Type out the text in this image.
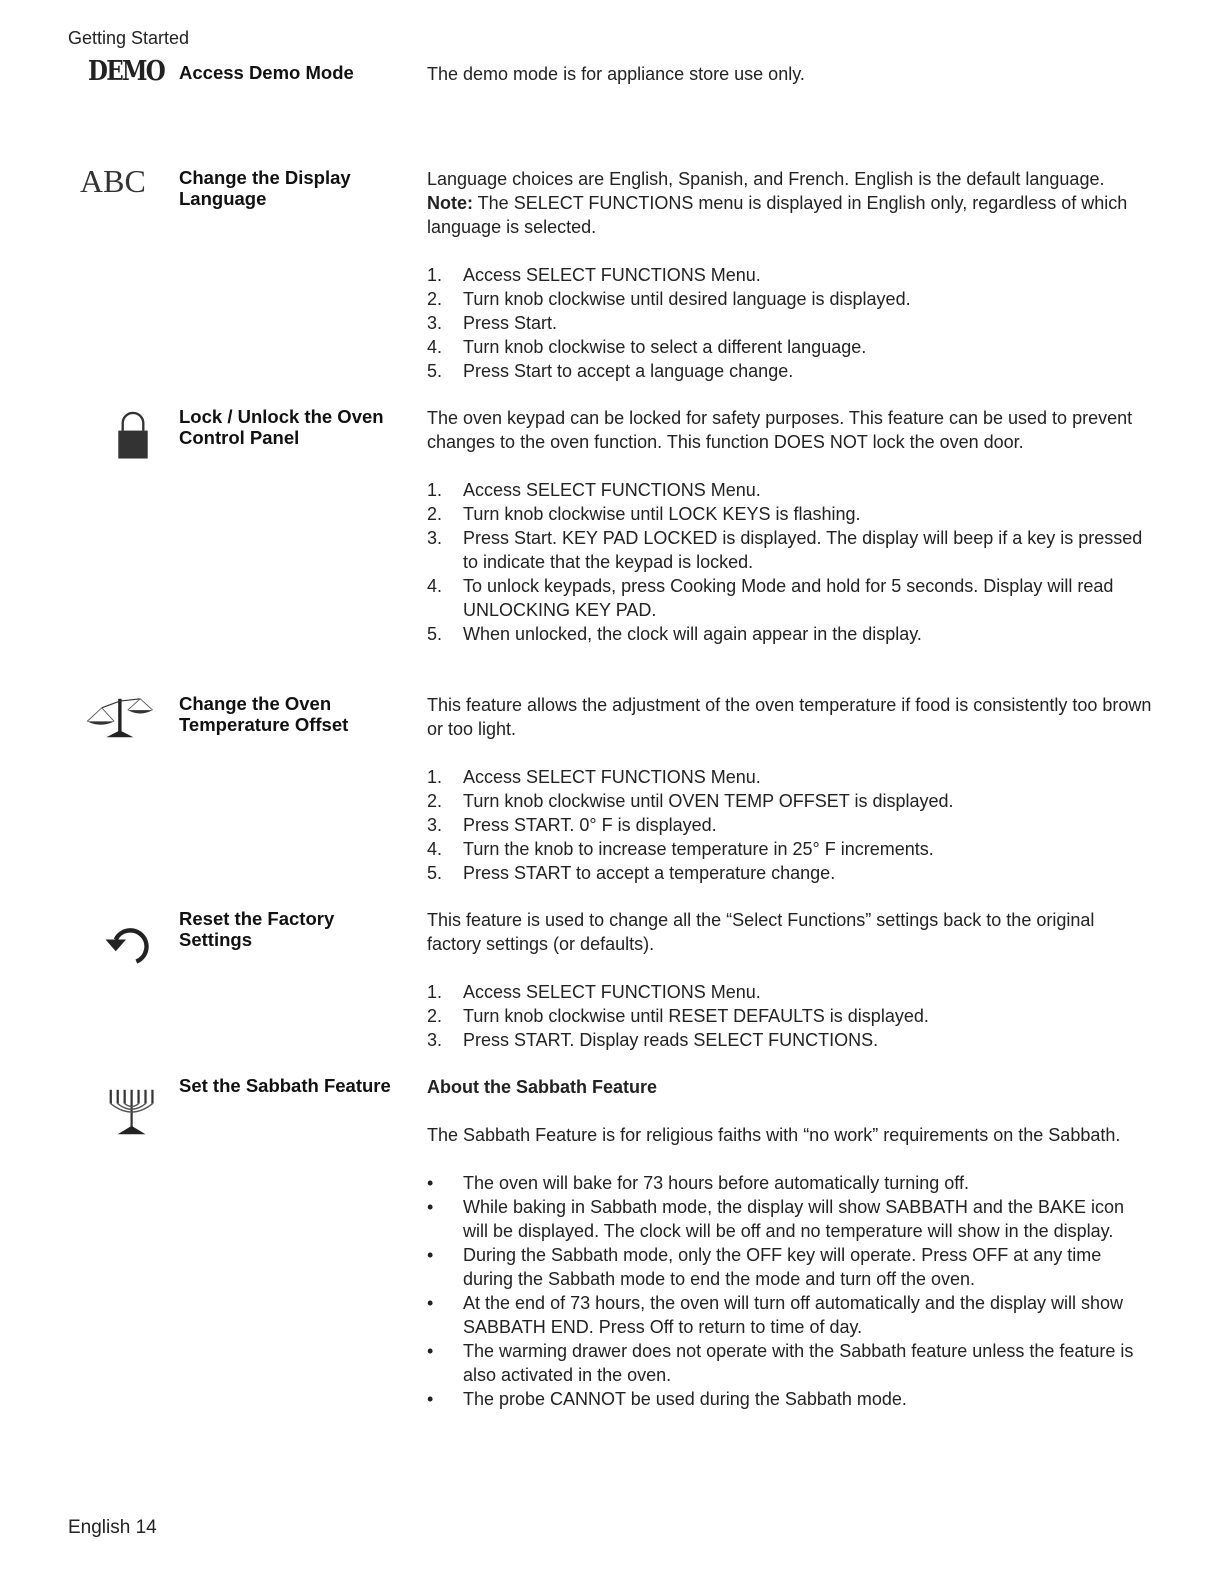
Getting Started
DEMO Access Demo Mode	The demo mode is for appliance store use only.

ABC Change the Display Language

Language choices are English, Spanish, and French. English is the default language. Note: The SELECT FUNCTIONS menu is displayed in English only, regardless of which language is selected.

1. Access SELECT FUNCTIONS Menu.
2. Turn knob clockwise until desired language is displayed.
3. Press Start.
4. Turn knob clockwise to select a different language.
5. Press Start to accept a language change.
Lock / Unlock the Oven Control Panel

The oven keypad can be locked for safety purposes. This feature can be used to prevent changes to the oven function. This function DOES NOT lock the oven door.

1. Access SELECT FUNCTIONS Menu.
2. Turn knob clockwise until LOCK KEYS is flashing.
3. Press Start. KEY PAD LOCKED is displayed. The display will beep if a key is pressed to indicate that the keypad is locked.
4. To unlock keypads, press Cooking Mode and hold for 5 seconds. Display will read UNLOCKING KEY PAD.
5. When unlocked, the clock will again appear in the display.
Change the Oven Temperature Offset

This feature allows the adjustment of the oven temperature if food is consistently too brown or too light.

1. Access SELECT FUNCTIONS Menu.
2. Turn knob clockwise until OVEN TEMP OFFSET is displayed.
3. Press START. 0° F is displayed.
4. Turn the knob to increase temperature in 25° F increments.
5. Press START to accept a temperature change.
Reset the Factory Settings

This feature is used to change all the “Select Functions” settings back to the original factory settings (or defaults).

1. Access SELECT FUNCTIONS Menu.
2. Turn knob clockwise until RESET DEFAULTS is displayed.
3. Press START. Display reads SELECT FUNCTIONS.
Set the Sabbath Feature	About the Sabbath Feature

The Sabbath Feature is for religious faiths with “no work” requirements on the Sabbath.

• The oven will bake for 73 hours before automatically turning off.
• While baking in Sabbath mode, the display will show SABBATH and the BAKE icon will be displayed. The clock will be off and no temperature will show in the display.
• During the Sabbath mode, only the OFF key will operate. Press OFF at any time during the Sabbath mode to end the mode and turn off the oven.
• At the end of 73 hours, the oven will turn off automatically and the display will show SABBATH END. Press Off to return to time of day.
• The warming drawer does not operate with the Sabbath feature unless the feature is also activated in the oven.
• The probe CANNOT be used during the Sabbath mode.
English 14
